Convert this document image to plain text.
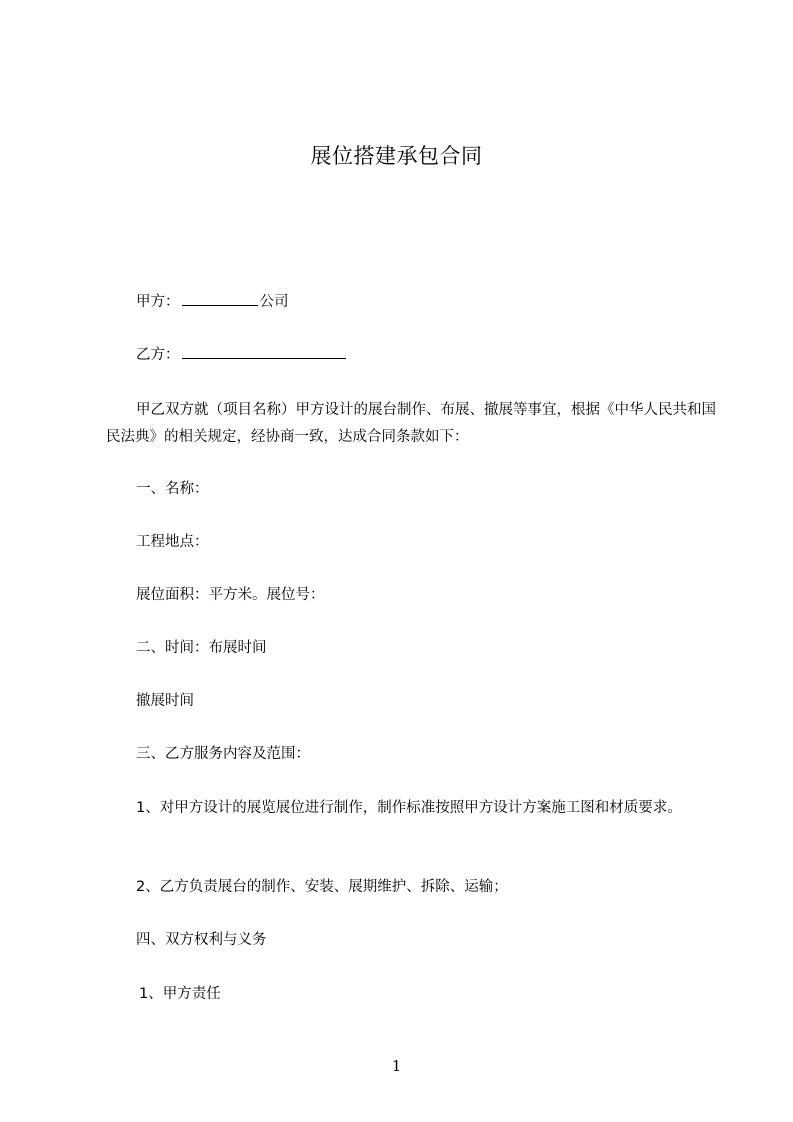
展位搭建承包合同
甲方：	公司
乙方：
甲乙双方就（项目名称）甲方设计的展台制作、布展、撤展等事宜，根据《中华人民共和国民法典》的相关规定，经协商一致，达成合同条款如下：
一、名称：
工程地点：
展位面积：平方米。展位号：
二、时间：布展时间
撤展时间
三、乙方服务内容及范围：
1、对甲方设计的展览展位进行制作，制作标准按照甲方设计方案施工图和材质要求。
2、乙方负责展台的制作、安装、展期维护、拆除、运输；
四、双方权利与义务
1、甲方责任
1
